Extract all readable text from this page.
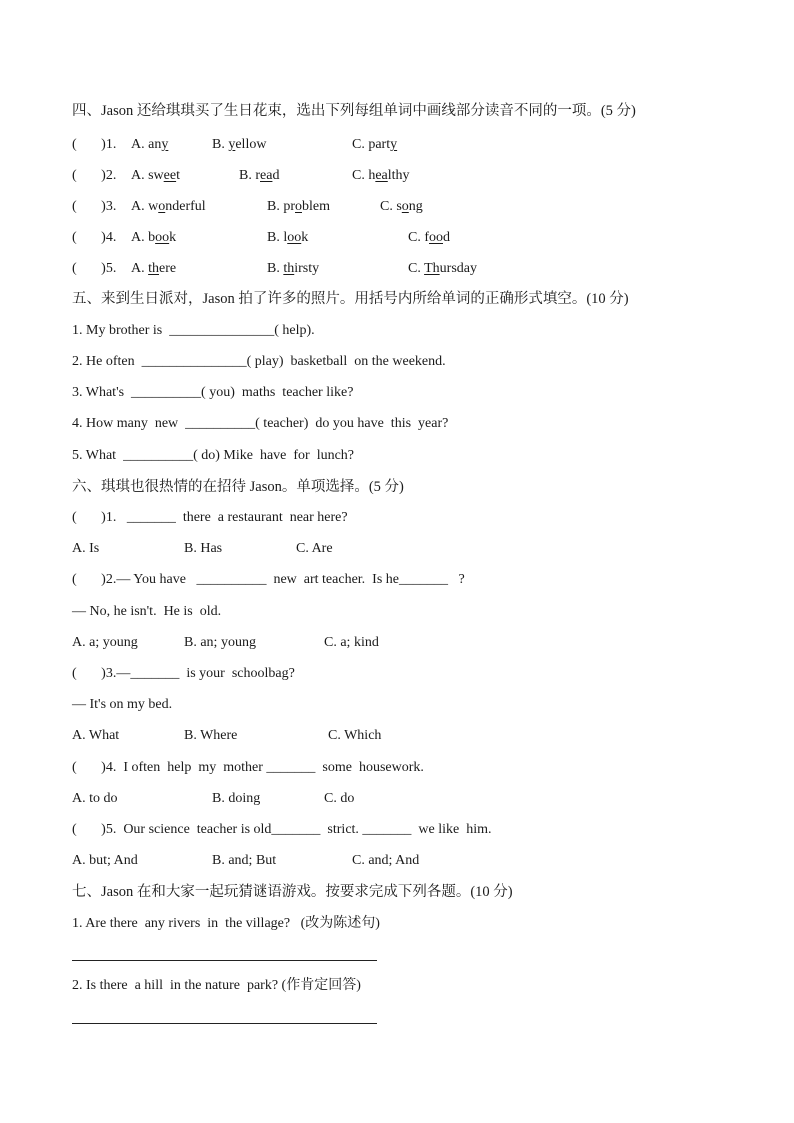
四、Jason 还给琪琪买了生日花束，选出下列每组单词中画线部分读音不同的一项。(5 分)
(       )1. A. any	B. yellow	C. party
(       )2. A. sweet	B. read	C. healthy
(       )3. A. wonderful	B. problem	C. song
(       )4. A. book	B. look	C. food
(       )5. A. there	B. thirsty	C. Thursday
五、来到生日派对，Jason 拍了许多的照片。用括号内所给单词的正确形式填空。(10 分)
1. My brother is  _______________( help).
2. He often  _______________( play)  basketball  on the weekend.
3. What's  __________( you)  maths  teacher like?
4. How many  new  __________( teacher)  do you have  this  year?
5. What  __________( do) Mike  have  for  lunch?
六、琪琪也很热情的在招待 Jason。单项选择。(5 分)
(       )1.   _______  there  a restaurant  near here?
A. Is	B. Has	C. Are
(       )2.— You have   __________  new  art teacher.  Is he_______   ?
— No, he isn't.  He is  old.
A. a; young	B. an; young	C. a; kind
(       )3.—_______  is your  schoolbag?
— It's on my bed.
A. What	B. Where	C. Which
(       )4.  I often  help  my  mother _______  some  housework.
A. to do	B. doing	C. do
(       )5.  Our science  teacher is old_______  strict. _______  we like  him.
A. but; And	B. and; But	C. and; And
七、Jason 在和大家一起玩猜谜语游戏。按要求完成下列各题。(10 分)
1. Are there  any rivers  in  the village?   (改为陈述句)
2. Is there  a hill  in the nature  park? (作肯定回答)
